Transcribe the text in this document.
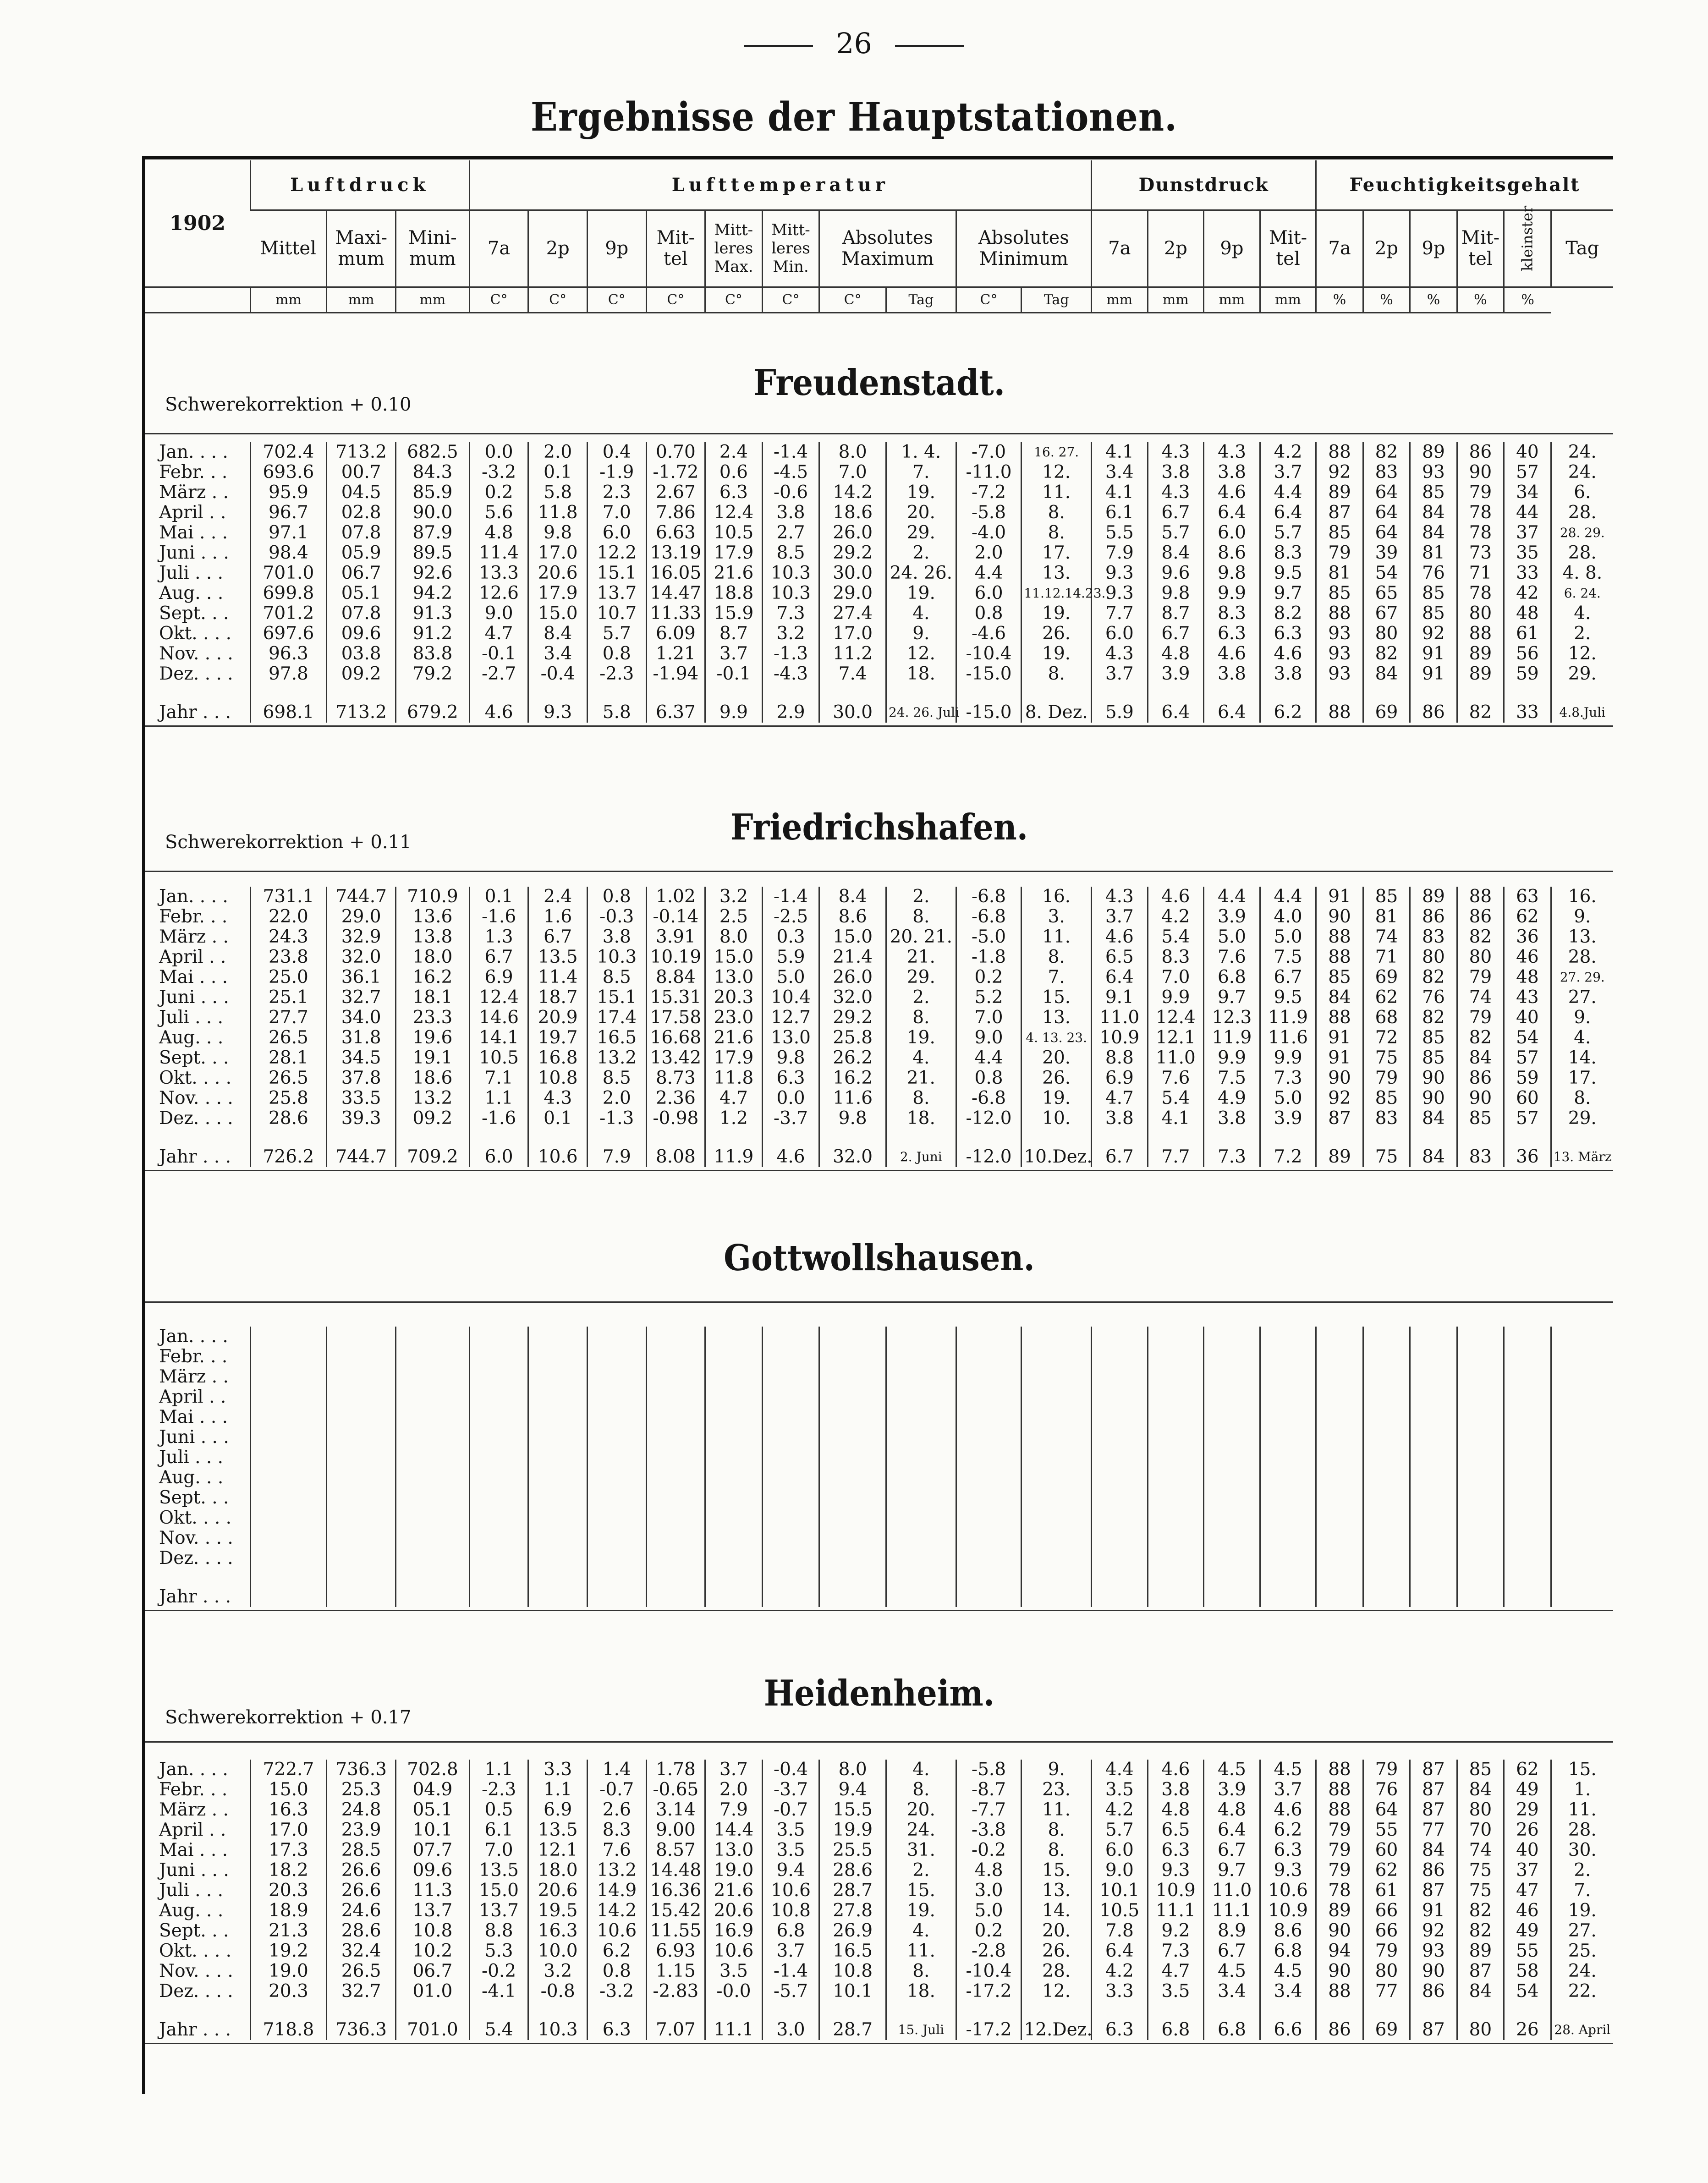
26
Ergebnisse der Hauptstationen.
1902	Luftdruck			Lufttemperatur										Dunstdruck				Feuchtigkeitsgehalt					
	Mittel	Maxi-mum	Mini-mum	7a	2p	9p	Mit-tel	Mitt-leres Max.	Mitt-leres Min.	Absolutes Maximum		Absolutes Minimum		7a	2p	9p	Mit-tel	7a	2p	9p	Mit-tel	kleinster	Tag
	mm	mm	mm	C°	C°	C°	C°	C°	C°	C°	Tag	C°	Tag	mm	mm	mm	mm	%	%	%	%	%	
Freudenstadt.
Schwerekorrektion + 0.10
Jan. . . .	702.4	713.2	682.5	0.0	2.0	0.4	0.70	2.4	-1.4	8.0	1. 4.	-7.0	16. 27.	4.1	4.3	4.3	4.2	88	82	89	86	40	24.
Febr. . .	693.6	00.7	84.3	-3.2	0.1	-1.9	-1.72	0.6	-4.5	7.0	7.	-11.0	12.	3.4	3.8	3.8	3.7	92	83	93	90	57	24.
März . .	95.9	04.5	85.9	0.2	5.8	2.3	2.67	6.3	-0.6	14.2	19.	-7.2	11.	4.1	4.3	4.6	4.4	89	64	85	79	34	6.
April . .	96.7	02.8	90.0	5.6	11.8	7.0	7.86	12.4	3.8	18.6	20.	-5.8	8.	6.1	6.7	6.4	6.4	87	64	84	78	44	28.
Mai . . .	97.1	07.8	87.9	4.8	9.8	6.0	6.63	10.5	2.7	26.0	29.	-4.0	8.	5.5	5.7	6.0	5.7	85	64	84	78	37	28. 29.
Juni . . .	98.4	05.9	89.5	11.4	17.0	12.2	13.19	17.9	8.5	29.2	2.	2.0	17.	7.9	8.4	8.6	8.3	79	39	81	73	35	28.
Juli . . .	701.0	06.7	92.6	13.3	20.6	15.1	16.05	21.6	10.3	30.0	24. 26.	4.4	13.	9.3	9.6	9.8	9.5	81	54	76	71	33	4. 8.
Aug. . .	699.8	05.1	94.2	12.6	17.9	13.7	14.47	18.8	10.3	29.0	19.	6.0	11.12.14.23.	9.3	9.8	9.9	9.7	85	65	85	78	42	6. 24.
Sept. . .	701.2	07.8	91.3	9.0	15.0	10.7	11.33	15.9	7.3	27.4	4.	0.8	19.	7.7	8.7	8.3	8.2	88	67	85	80	48	4.
Okt. . . .	697.6	09.6	91.2	4.7	8.4	5.7	6.09	8.7	3.2	17.0	9.	-4.6	26.	6.0	6.7	6.3	6.3	93	80	92	88	61	2.
Nov. . . .	96.3	03.8	83.8	-0.1	3.4	0.8	1.21	3.7	-1.3	11.2	12.	-10.4	19.	4.3	4.8	4.6	4.6	93	82	91	89	56	12.
Dez. . . .	97.8	09.2	79.2	-2.7	-0.4	-2.3	-1.94	-0.1	-4.3	7.4	18.	-15.0	8.	3.7	3.9	3.8	3.8	93	84	91	89	59	29.

Jahr . . .	698.1	713.2	679.2	4.6	9.3	5.8	6.37	9.9	2.9	30.0	24. 26. Juli	-15.0	8. Dez.	5.9	6.4	6.4	6.2	88	69	86	82	33	4.8.Juli
Friedrichshafen.
Schwerekorrektion + 0.11
Jan. . . .	731.1	744.7	710.9	0.1	2.4	0.8	1.02	3.2	-1.4	8.4	2.	-6.8	16.	4.3	4.6	4.4	4.4	91	85	89	88	63	16.
Febr. . .	22.0	29.0	13.6	-1.6	1.6	-0.3	-0.14	2.5	-2.5	8.6	8.	-6.8	3.	3.7	4.2	3.9	4.0	90	81	86	86	62	9.
März . .	24.3	32.9	13.8	1.3	6.7	3.8	3.91	8.0	0.3	15.0	20. 21.	-5.0	11.	4.6	5.4	5.0	5.0	88	74	83	82	36	13.
April . .	23.8	32.0	18.0	6.7	13.5	10.3	10.19	15.0	5.9	21.4	21.	-1.8	8.	6.5	8.3	7.6	7.5	88	71	80	80	46	28.
Mai . . .	25.0	36.1	16.2	6.9	11.4	8.5	8.84	13.0	5.0	26.0	29.	0.2	7.	6.4	7.0	6.8	6.7	85	69	82	79	48	27. 29.
Juni . . .	25.1	32.7	18.1	12.4	18.7	15.1	15.31	20.3	10.4	32.0	2.	5.2	15.	9.1	9.9	9.7	9.5	84	62	76	74	43	27.
Juli . . .	27.7	34.0	23.3	14.6	20.9	17.4	17.58	23.0	12.7	29.2	8.	7.0	13.	11.0	12.4	12.3	11.9	88	68	82	79	40	9.
Aug. . .	26.5	31.8	19.6	14.1	19.7	16.5	16.68	21.6	13.0	25.8	19.	9.0	4. 13. 23.	10.9	12.1	11.9	11.6	91	72	85	82	54	4.
Sept. . .	28.1	34.5	19.1	10.5	16.8	13.2	13.42	17.9	9.8	26.2	4.	4.4	20.	8.8	11.0	9.9	9.9	91	75	85	84	57	14.
Okt. . . .	26.5	37.8	18.6	7.1	10.8	8.5	8.73	11.8	6.3	16.2	21.	0.8	26.	6.9	7.6	7.5	7.3	90	79	90	86	59	17.
Nov. . . .	25.8	33.5	13.2	1.1	4.3	2.0	2.36	4.7	0.0	11.6	8.	-6.8	19.	4.7	5.4	4.9	5.0	92	85	90	90	60	8.
Dez. . . .	28.6	39.3	09.2	-1.6	0.1	-1.3	-0.98	1.2	-3.7	9.8	18.	-12.0	10.	3.8	4.1	3.8	3.9	87	83	84	85	57	29.

Jahr . . .	726.2	744.7	709.2	6.0	10.6	7.9	8.08	11.9	4.6	32.0	2. Juni	-12.0	10.Dez.	6.7	7.7	7.3	7.2	89	75	84	83	36	13. März
Gottwollshausen.
Jan. . . .																							
Febr. . .																							
März . .																							
April . .																							
Mai . . .																							
Juni . . .																							
Juli . . .																							
Aug. . .																							
Sept. . .																							
Okt. . . .																							
Nov. . . .																							
Dez. . . .																							

Jahr . . .																							
Heidenheim.
Schwerekorrektion + 0.17
Jan. . . .	722.7	736.3	702.8	1.1	3.3	1.4	1.78	3.7	-0.4	8.0	4.	-5.8	9.	4.4	4.6	4.5	4.5	88	79	87	85	62	15.
Febr. . .	15.0	25.3	04.9	-2.3	1.1	-0.7	-0.65	2.0	-3.7	9.4	8.	-8.7	23.	3.5	3.8	3.9	3.7	88	76	87	84	49	1.
März . .	16.3	24.8	05.1	0.5	6.9	2.6	3.14	7.9	-0.7	15.5	20.	-7.7	11.	4.2	4.8	4.8	4.6	88	64	87	80	29	11.
April . .	17.0	23.9	10.1	6.1	13.5	8.3	9.00	14.4	3.5	19.9	24.	-3.8	8.	5.7	6.5	6.4	6.2	79	55	77	70	26	28.
Mai . . .	17.3	28.5	07.7	7.0	12.1	7.6	8.57	13.0	3.5	25.5	31.	-0.2	8.	6.0	6.3	6.7	6.3	79	60	84	74	40	30.
Juni . . .	18.2	26.6	09.6	13.5	18.0	13.2	14.48	19.0	9.4	28.6	2.	4.8	15.	9.0	9.3	9.7	9.3	79	62	86	75	37	2.
Juli . . .	20.3	26.6	11.3	15.0	20.6	14.9	16.36	21.6	10.6	28.7	15.	3.0	13.	10.1	10.9	11.0	10.6	78	61	87	75	47	7.
Aug. . .	18.9	24.6	13.7	13.7	19.5	14.2	15.42	20.6	10.8	27.8	19.	5.0	14.	10.5	11.1	11.1	10.9	89	66	91	82	46	19.
Sept. . .	21.3	28.6	10.8	8.8	16.3	10.6	11.55	16.9	6.8	26.9	4.	0.2	20.	7.8	9.2	8.9	8.6	90	66	92	82	49	27.
Okt. . . .	19.2	32.4	10.2	5.3	10.0	6.2	6.93	10.6	3.7	16.5	11.	-2.8	26.	6.4	7.3	6.7	6.8	94	79	93	89	55	25.
Nov. . . .	19.0	26.5	06.7	-0.2	3.2	0.8	1.15	3.5	-1.4	10.8	8.	-10.4	28.	4.2	4.7	4.5	4.5	90	80	90	87	58	24.
Dez. . . .	20.3	32.7	01.0	-4.1	-0.8	-3.2	-2.83	-0.0	-5.7	10.1	18.	-17.2	12.	3.3	3.5	3.4	3.4	88	77	86	84	54	22.

Jahr . . .	718.8	736.3	701.0	5.4	10.3	6.3	7.07	11.1	3.0	28.7	15. Juli	-17.2	12.Dez.	6.3	6.8	6.8	6.6	86	69	87	80	26	28. April
